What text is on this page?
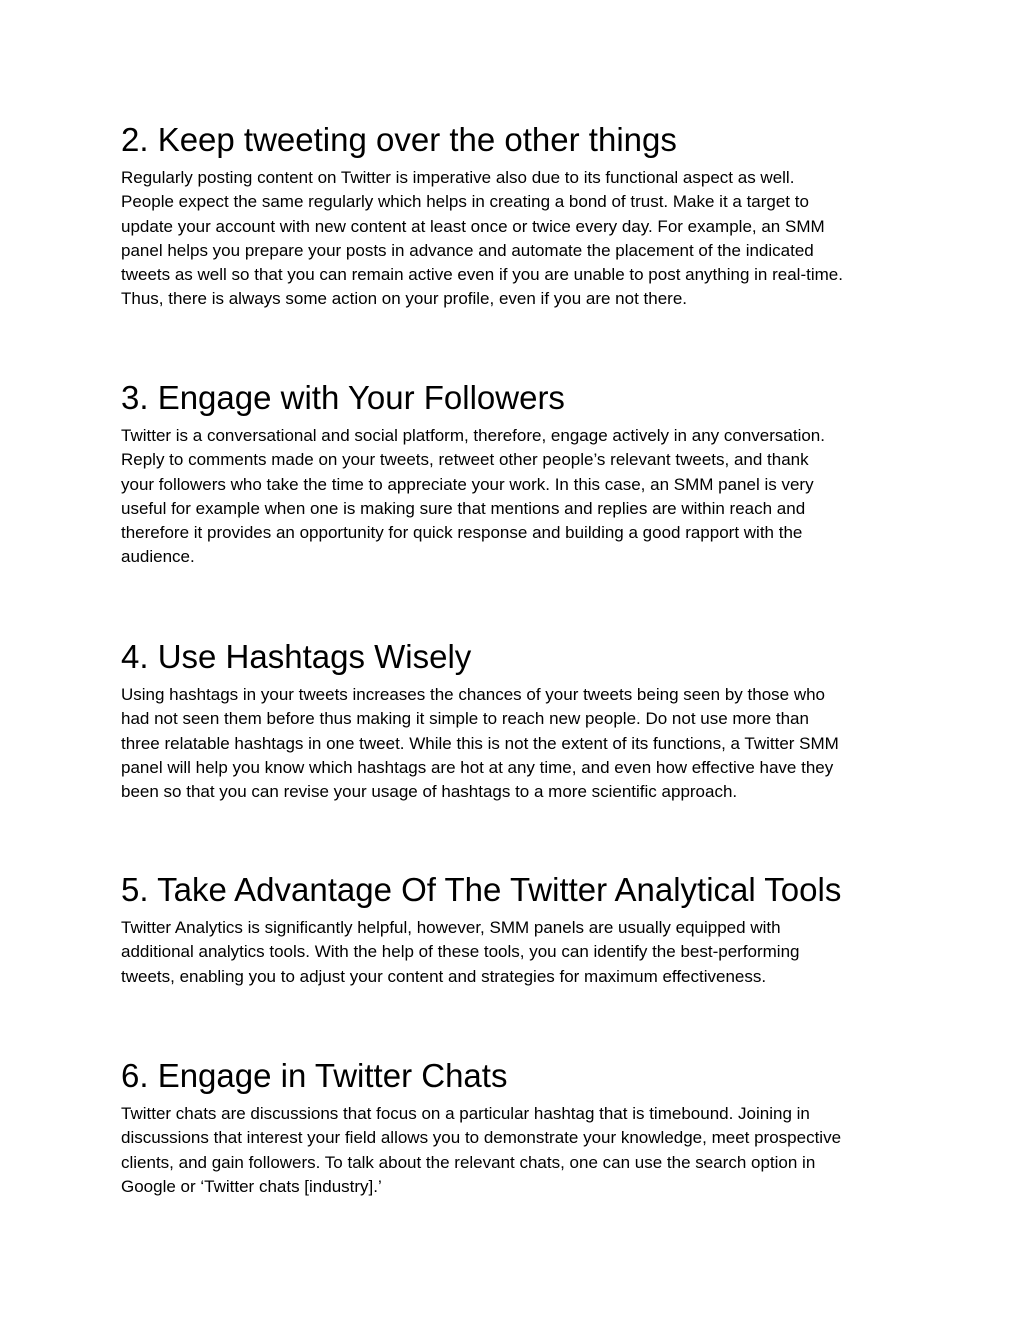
2. Keep tweeting over the other things

Regularly posting content on Twitter is imperative also due to its functional aspect as well.
People expect the same regularly which helps in creating a bond of trust. Make it a target to
update your account with new content at least once or twice every day. For example, an SMM
panel helps you prepare your posts in advance and automate the placement of the indicated
tweets as well so that you can remain active even if you are unable to post anything in real-time.
Thus, there is always some action on your profile, even if you are not there.

3. Engage with Your Followers

Twitter is a conversational and social platform, therefore, engage actively in any conversation.
Reply to comments made on your tweets, retweet other people’s relevant tweets, and thank
your followers who take the time to appreciate your work. In this case, an SMM panel is very
useful for example when one is making sure that mentions and replies are within reach and
therefore it provides an opportunity for quick response and building a good rapport with the
audience.

4. Use Hashtags Wisely

Using hashtags in your tweets increases the chances of your tweets being seen by those who
had not seen them before thus making it simple to reach new people. Do not use more than
three relatable hashtags in one tweet. While this is not the extent of its functions, a Twitter SMM
panel will help you know which hashtags are hot at any time, and even how effective have they
been so that you can revise your usage of hashtags to a more scientific approach.

5. Take Advantage Of The Twitter Analytical Tools

Twitter Analytics is significantly helpful, however, SMM panels are usually equipped with
additional analytics tools. With the help of these tools, you can identify the best-performing
tweets, enabling you to adjust your content and strategies for maximum effectiveness.

6. Engage in Twitter Chats

Twitter chats are discussions that focus on a particular hashtag that is timebound. Joining in
discussions that interest your field allows you to demonstrate your knowledge, meet prospective
clients, and gain followers. To talk about the relevant chats, one can use the search option in
Google or ‘Twitter chats [industry].’
